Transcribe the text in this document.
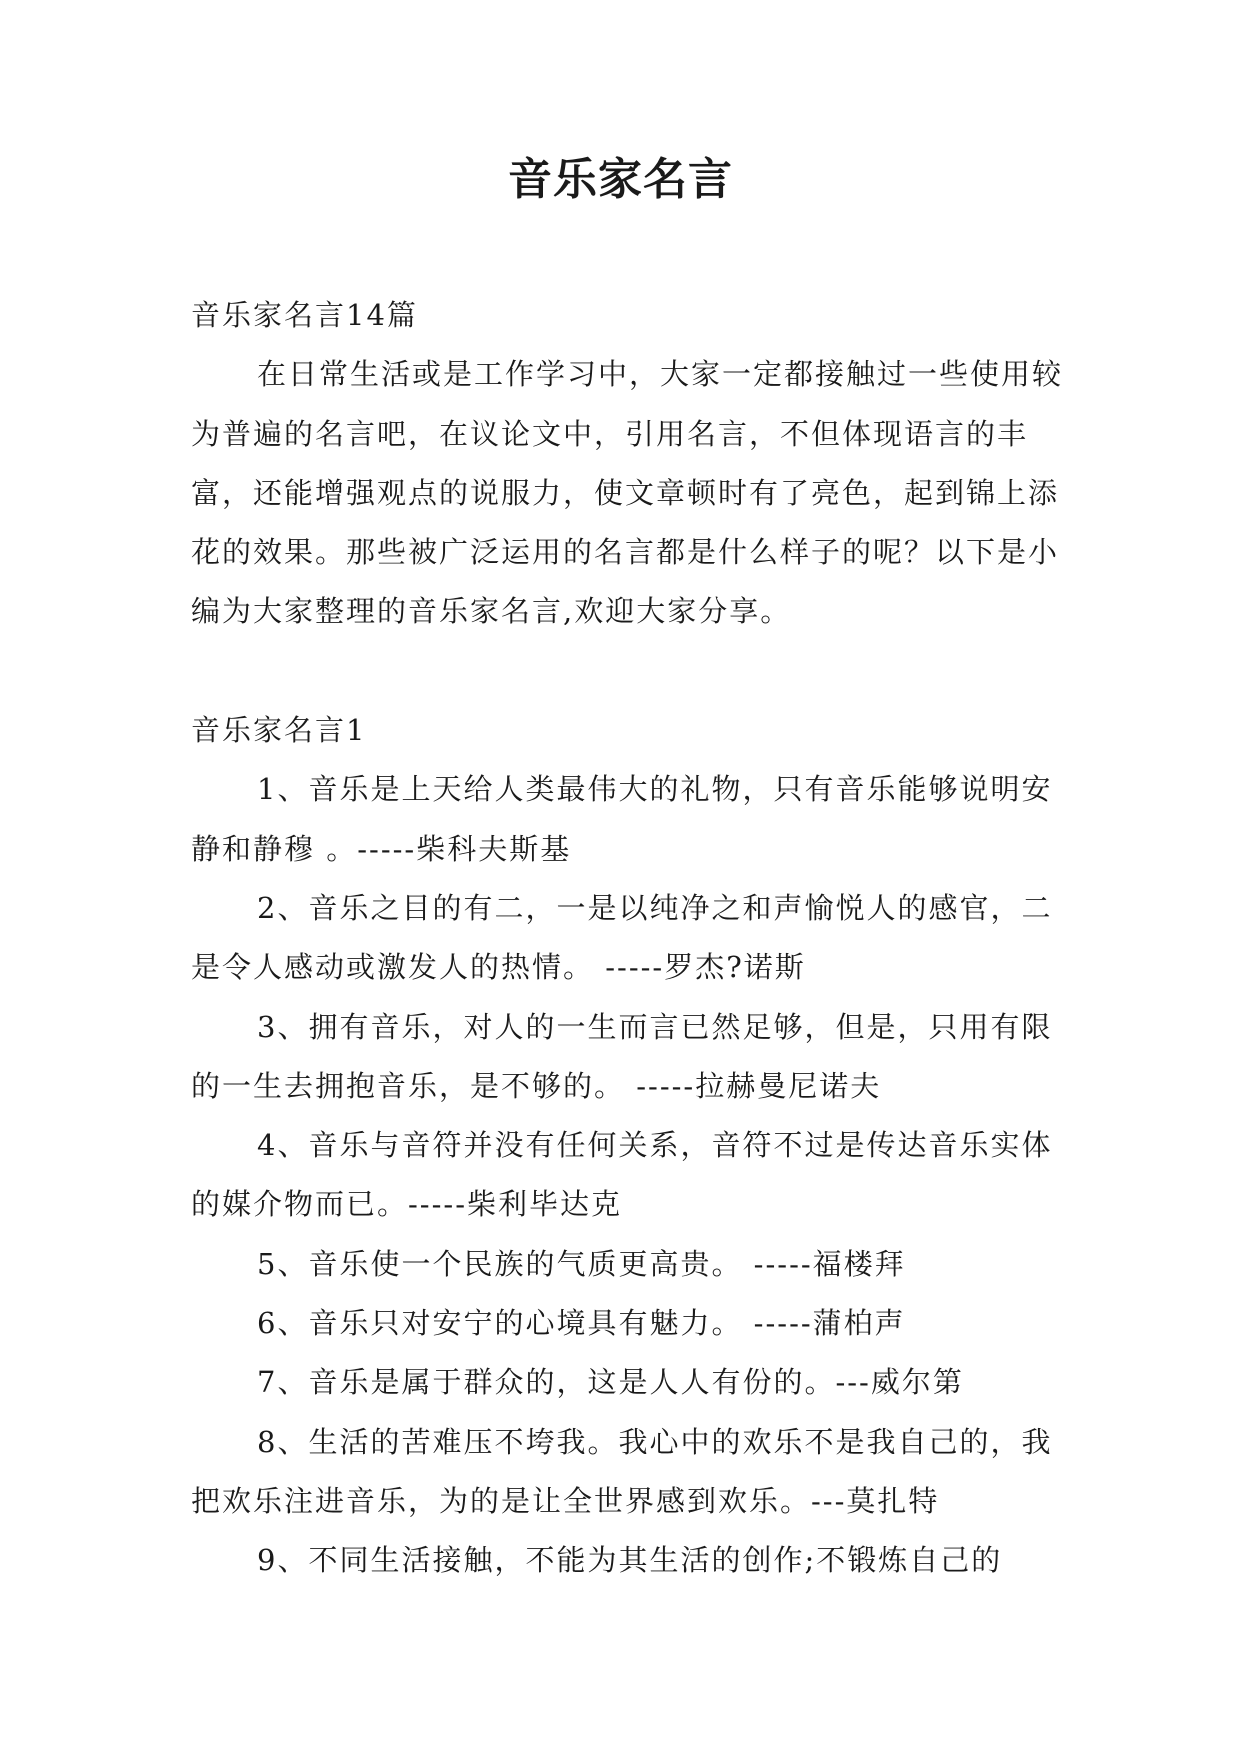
音乐家名言

音乐家名言14篇

在日常生活或是工作学习中，大家一定都接触过一些使用较为普遍的名言吧，在议论文中，引用名言，不但体现语言的丰富，还能增强观点的说服力，使文章顿时有了亮色，起到锦上添花的效果。那些被广泛运用的名言都是什么样子的呢？以下是小编为大家整理的音乐家名言,欢迎大家分享。

音乐家名言1

1、音乐是上天给人类最伟大的礼物，只有音乐能够说明安静和静穆 。-----柴科夫斯基

2、音乐之目的有二，一是以纯净之和声愉悦人的感官，二是令人感动或激发人的热情。 -----罗杰?诺斯

3、拥有音乐，对人的一生而言已然足够，但是，只用有限的一生去拥抱音乐，是不够的。 -----拉赫曼尼诺夫

4、音乐与音符并没有任何关系，音符不过是传达音乐实体的媒介物而已。-----柴利毕达克

5、音乐使一个民族的气质更高贵。 -----福楼拜

6、音乐只对安宁的心境具有魅力。 -----蒲柏声

7、音乐是属于群众的，这是人人有份的。---威尔第

8、生活的苦难压不垮我。我心中的欢乐不是我自己的，我把欢乐注进音乐，为的是让全世界感到欢乐。---莫扎特

9、不同生活接触，不能为其生活的创作;不锻炼自己的
